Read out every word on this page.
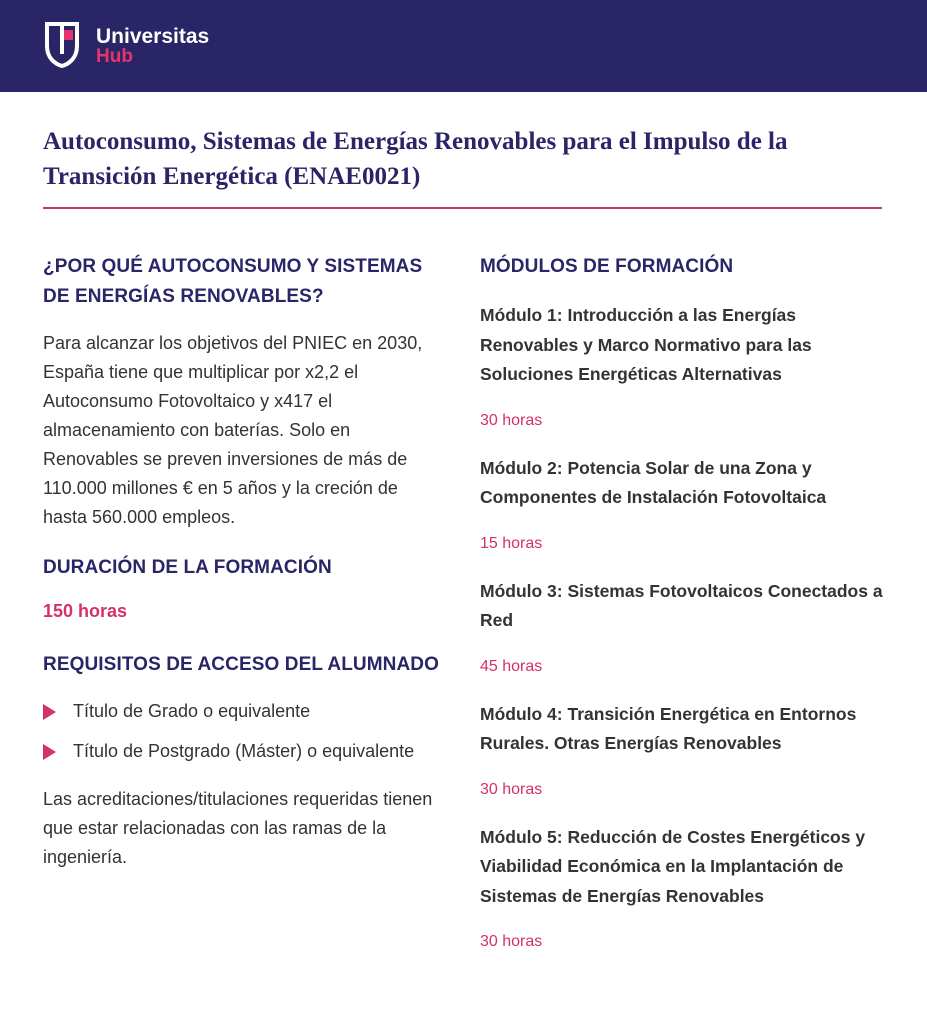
Universitas
Hub
Autoconsumo, Sistemas de Energías Renovables para el Impulso de la Transición Energética (ENAE0021)
¿POR QUÉ AUTOCONSUMO Y SISTEMAS DE ENERGÍAS RENOVABLES?

Para alcanzar los objetivos del PNIEC en 2030, España tiene que multiplicar por x2,2 el Autoconsumo Fotovoltaico y x417 el almacenamiento con baterías. Solo en Renovables se preven inversiones de más de 110.000 millones € en 5 años y la creción de hasta 560.000 empleos.

DURACIÓN DE LA FORMACIÓN

150 horas

REQUISITOS DE ACCESO DEL ALUMNADO
Título de Grado o equivalente
Título de Postgrado (Máster) o equivalente

Las acreditaciones/titulaciones requeridas tienen que estar relacionadas con las ramas de la ingeniería.

MÓDULOS DE FORMACIÓN

Módulo 1: Introducción a las Energías Renovables y Marco Normativo para las Soluciones Energéticas Alternativas

30 horas

Módulo 2: Potencia Solar de una Zona y Componentes de Instalación Fotovoltaica

15 horas

Módulo 3: Sistemas Fotovoltaicos Conectados a Red

45 horas

Módulo 4: Transición Energética en Entornos Rurales. Otras Energías Renovables

30 horas

Módulo 5: Reducción de Costes Energéticos y Viabilidad Económica en la Implantación de Sistemas de Energías Renovables

30 horas
